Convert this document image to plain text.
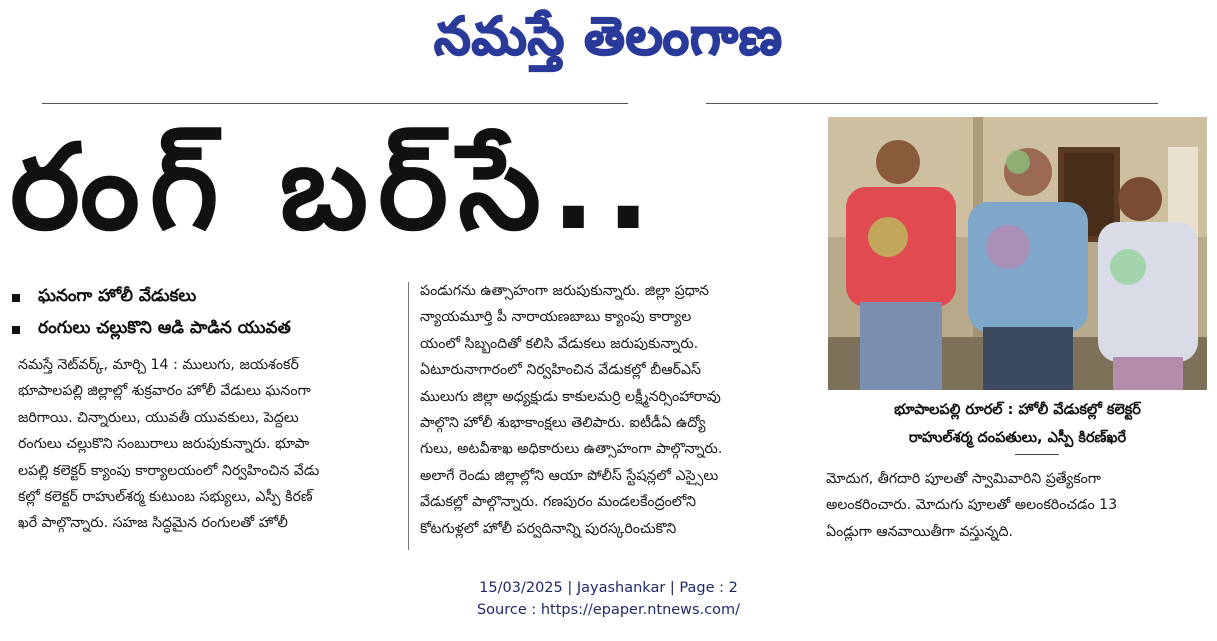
నమస్తే తెలంగాణ
రంగ్ బర్‌సే..
ఘనంగా హోలీ వేడుకలు
రంగులు చల్లుకొని ఆడి పాడిన యువత
నమస్తే నెట్‌వర్క్, మార్చి 14 : ములుగు, జయశంకర్
భూపాలపల్లి జిల్లాల్లో శుక్రవారం హోలీ వేడులు ఘనంగా
జరిగాయి. చిన్నారులు, యువతీ యువకులు, పెద్దలు
రంగులు చల్లుకొని సంబురాలు జరుపుకున్నారు. భూపా
లపల్లి కలెక్టర్ క్యాంపు కార్యాలయంలో నిర్వహించిన వేడు
కల్లో కలెక్టర్ రాహుల్‌శర్మ కుటుంబ సభ్యులు, ఎస్పీ కిరణ్
ఖరే పాల్గొన్నారు. సహజ సిద్ధమైన రంగులతో హోలీ
పండుగను ఉత్సాహంగా జరుపుకున్నారు. జిల్లా ప్రధాన
న్యాయమూర్తి పీ నారాయణబాబు క్యాంపు కార్యాల
యంలో సిబ్బందితో కలిసి వేడుకలు జరుపుకున్నారు.
ఏటూరునాగారంలో నిర్వహించిన వేడుకల్లో బీఆర్‌ఎస్
ములుగు జిల్లా అధ్యక్షుడు కాకులమర్రి లక్ష్మీనర్సింహారావు
పాల్గొని హోలీ శుభాకాంక్షలు తెలిపారు. ఐటీడీఏ ఉద్యో
గులు, అటవీశాఖ అధికారులు ఉత్సాహంగా పాల్గొన్నారు.
అలాగే రెండు జిల్లాల్లోని ఆయా పోలీస్ స్టేషన్లలో ఎస్సైలు
వేడుకల్లో పాల్గొన్నారు. గణపురం మండలకేంద్రంలోని
కోటగుళ్లలో హోలీ పర్వదినాన్ని పురస్కరించుకొని
భూపాలపల్లి రూరల్ : హోలీ వేడుకల్లో కలెక్టర్
రాహుల్‌శర్మ దంపతులు, ఎస్పీ కిరణ్‌ఖరే
మోదుగ, తీగదారి పూలతో స్వామివారిని ప్రత్యేకంగా
అలంకరించారు. మోదుగు పూలతో అలంకరించడం 13
ఏండ్లుగా ఆనవాయితీగా వస్తున్నది.
15/03/2025 | Jayashankar | Page : 2
Source : https://epaper.ntnews.com/
